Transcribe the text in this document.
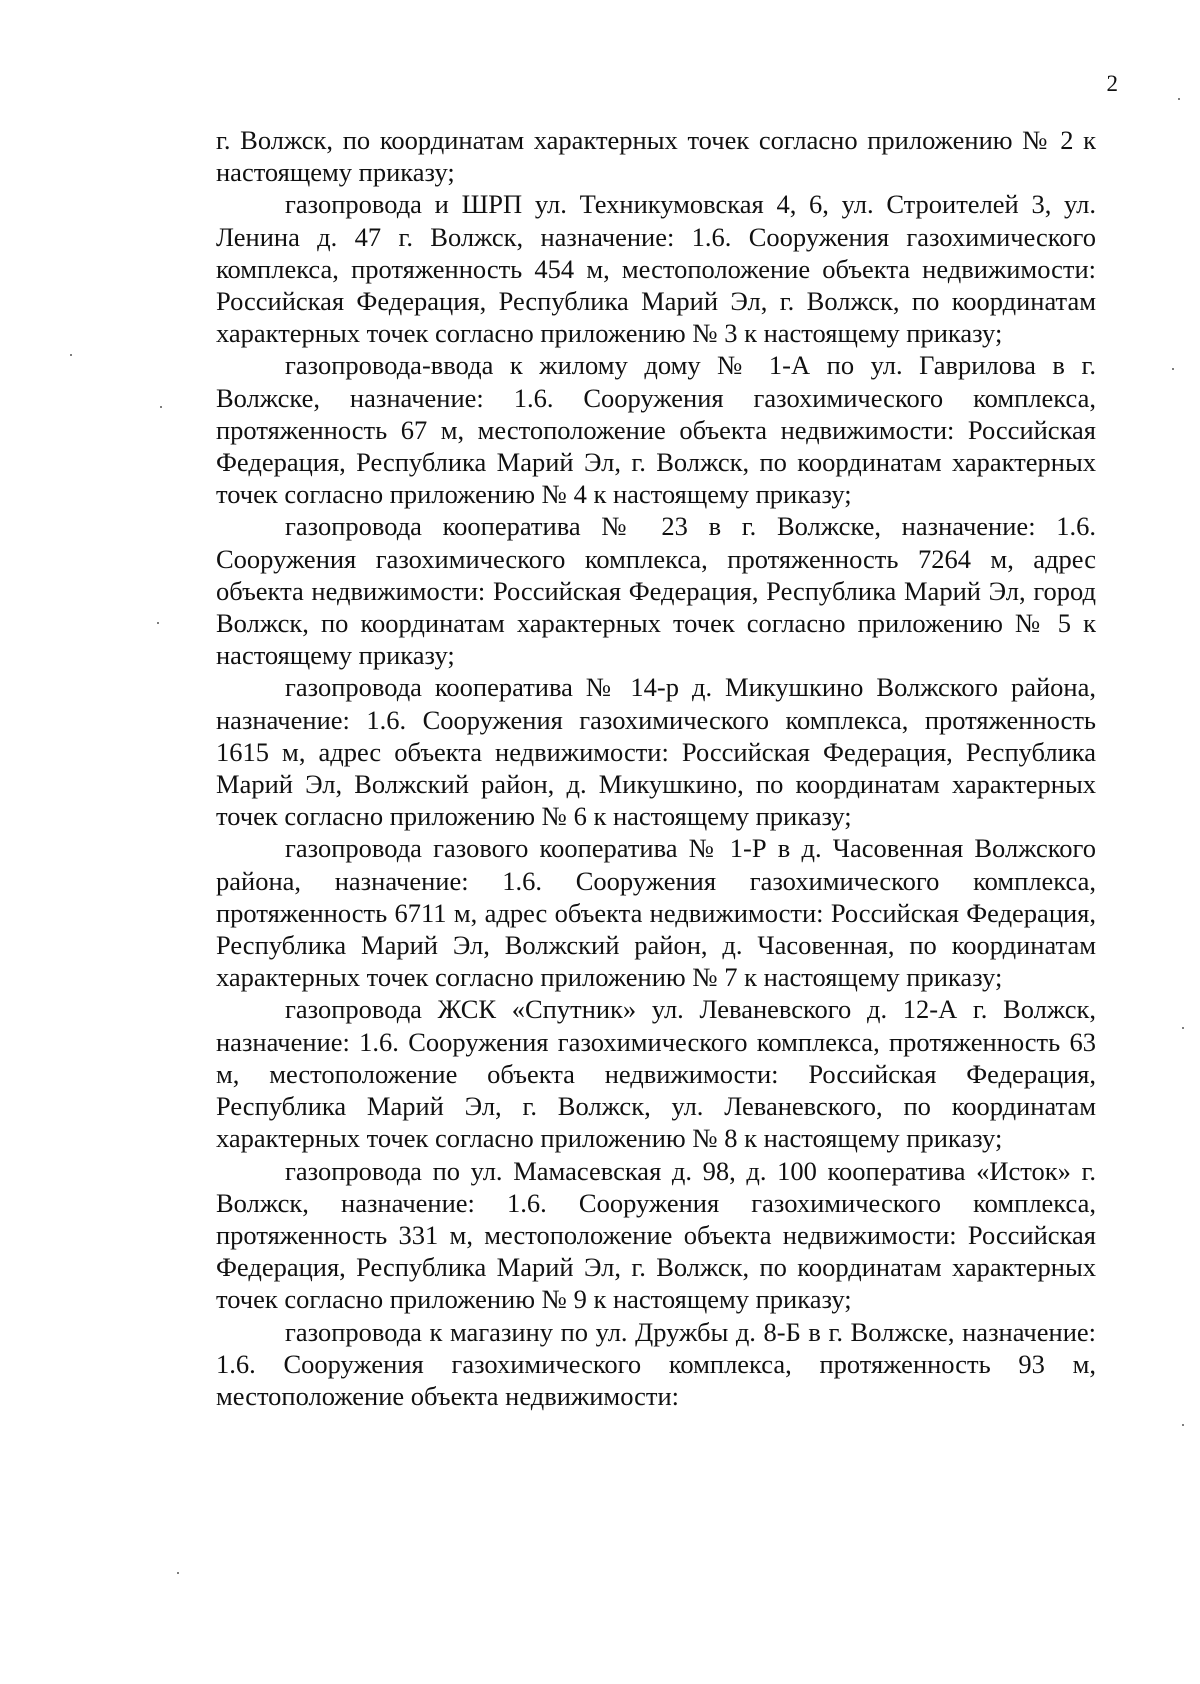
2

г. Волжск, по координатам характерных точек согласно приложению № 2 к настоящему приказу;

газопровода и ШРП ул. Техникумовская 4, 6, ул. Строителей 3, ул. Ленина д. 47 г. Волжск, назначение: 1.6. Сооружения газохимического комплекса, протяженность 454 м, местоположение объекта недвижимости: Российская Федерация, Республика Марий Эл, г. Волжск, по координатам характерных точек согласно приложению № 3 к настоящему приказу;

газопровода-ввода к жилому дому № 1-А по ул. Гаврилова в г. Волжске, назначение: 1.6. Сооружения газохимического комплекса, протяженность 67 м, местоположение объекта недвижимости: Российская Федерация, Республика Марий Эл, г. Волжск, по координатам характерных точек согласно приложению № 4 к настоящему приказу;

газопровода кооператива № 23 в г. Волжске, назначение: 1.6. Сооружения газохимического комплекса, протяженность 7264 м, адрес объекта недвижимости: Российская Федерация, Республика Марий Эл, город Волжск, по координатам характерных точек согласно приложению № 5 к настоящему приказу;

газопровода кооператива № 14-р д. Микушкино Волжского района, назначение: 1.6. Сооружения газохимического комплекса, протяженность 1615 м, адрес объекта недвижимости: Российская Федерация, Республика Марий Эл, Волжский район, д. Микушкино, по координатам характерных точек согласно приложению № 6 к настоящему приказу;

газопровода газового кооператива № 1-Р в д. Часовенная Волжского района, назначение: 1.6. Сооружения газохимического комплекса, протяженность 6711 м, адрес объекта недвижимости: Российская Федерация, Республика Марий Эл, Волжский район, д. Часовенная, по координатам характерных точек согласно приложению № 7 к настоящему приказу;

газопровода ЖСК «Спутник» ул. Леваневского д. 12-А г. Волжск, назначение: 1.6. Сооружения газохимического комплекса, протяженность 63 м, местоположение объекта недвижимости: Российская Федерация, Республика Марий Эл, г. Волжск, ул. Леваневского, по координатам характерных точек согласно приложению № 8 к настоящему приказу;

газопровода по ул. Мамасевская д. 98, д. 100 кооператива «Исток» г. Волжск, назначение: 1.6. Сооружения газохимического комплекса, протяженность 331 м, местоположение объекта недвижимости: Российская Федерация, Республика Марий Эл, г. Волжск, по координатам характерных точек согласно приложению № 9 к настоящему приказу;

газопровода к магазину по ул. Дружбы д. 8-Б в г. Волжске, назначение: 1.6. Сооружения газохимического комплекса, протяженность 93 м, местоположение объекта недвижимости:
